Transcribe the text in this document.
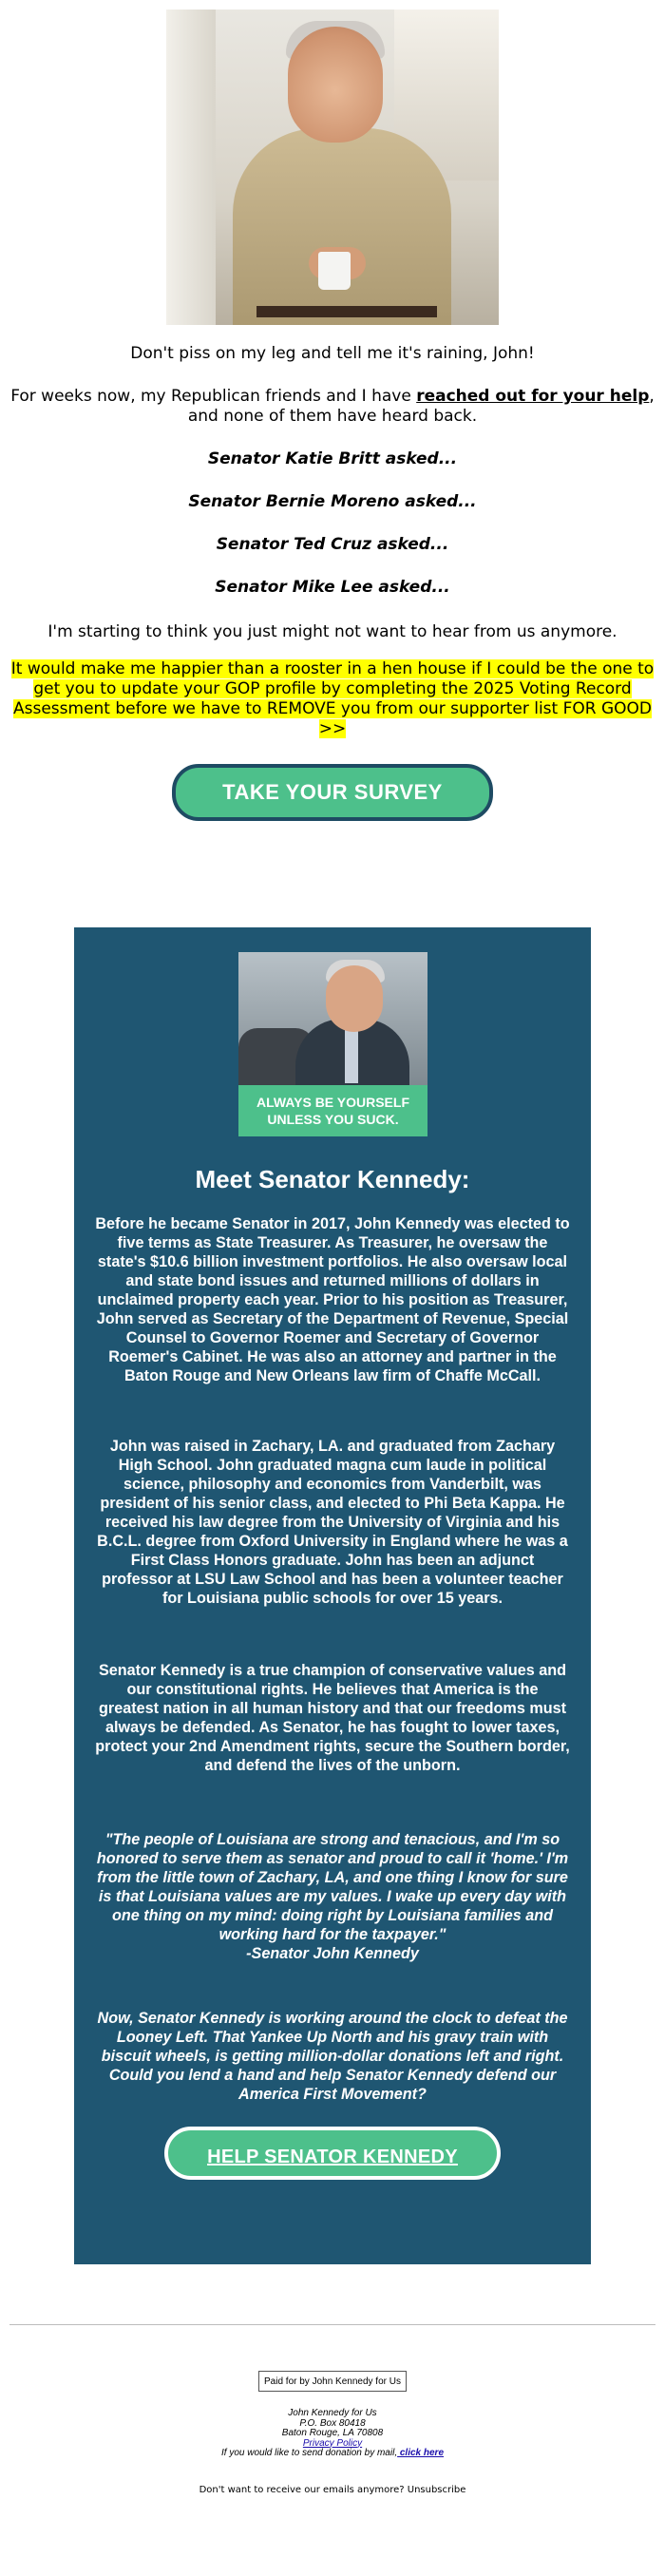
Don't piss on my leg and tell me it's raining, John!
For weeks now, my Republican friends and I have reached out for your help, and none of them have heard back.
Senator Katie Britt asked...
Senator Bernie Moreno asked...
Senator Ted Cruz asked...
Senator Mike Lee asked...
I'm starting to think you just might not want to hear from us anymore.
It would make me happier than a rooster in a hen house if I could be the one to get you to update your GOP profile by completing the 2025 Voting Record Assessment before we have to REMOVE you from our supporter list FOR GOOD >>
TAKE YOUR SURVEY
ALWAYS BE YOURSELF UNLESS YOU SUCK.
Meet Senator Kennedy:
Before he became Senator in 2017, John Kennedy was elected to five terms as State Treasurer. As Treasurer, he oversaw the state's $10.6 billion investment portfolios. He also oversaw local and state bond issues and returned millions of dollars in unclaimed property each year. Prior to his position as Treasurer, John served as Secretary of the Department of Revenue, Special Counsel to Governor Roemer and Secretary of Governor Roemer's Cabinet. He was also an attorney and partner in the Baton Rouge and New Orleans law firm of Chaffe McCall.
John was raised in Zachary, LA. and graduated from Zachary High School. John graduated magna cum laude in political science, philosophy and economics from Vanderbilt, was president of his senior class, and elected to Phi Beta Kappa. He received his law degree from the University of Virginia and his B.C.L. degree from Oxford University in England where he was a First Class Honors graduate. John has been an adjunct professor at LSU Law School and has been a volunteer teacher for Louisiana public schools for over 15 years.
Senator Kennedy is a true champion of conservative values and our constitutional rights. He believes that America is the greatest nation in all human history and that our freedoms must always be defended. As Senator, he has fought to lower taxes, protect your 2nd Amendment rights, secure the Southern border, and defend the lives of the unborn.
"The people of Louisiana are strong and tenacious, and I'm so honored to serve them as senator and proud to call it 'home.' I'm from the little town of Zachary, LA, and one thing I know for sure is that Louisiana values are my values. I wake up every day with one thing on my mind: doing right by Louisiana families and working hard for the taxpayer."
-Senator John Kennedy
Now, Senator Kennedy is working around the clock to defeat the Looney Left. That Yankee Up North and his gravy train with biscuit wheels, is getting million-dollar donations left and right. Could you lend a hand and help Senator Kennedy defend our America First Movement?
HELP SENATOR KENNEDY
Paid for by John Kennedy for Us
John Kennedy for Us
P.O. Box 80418
Baton Rouge, LA 70808
Privacy Policy
If you would like to send donation by mail, click here
Don't want to receive our emails anymore? Unsubscribe
